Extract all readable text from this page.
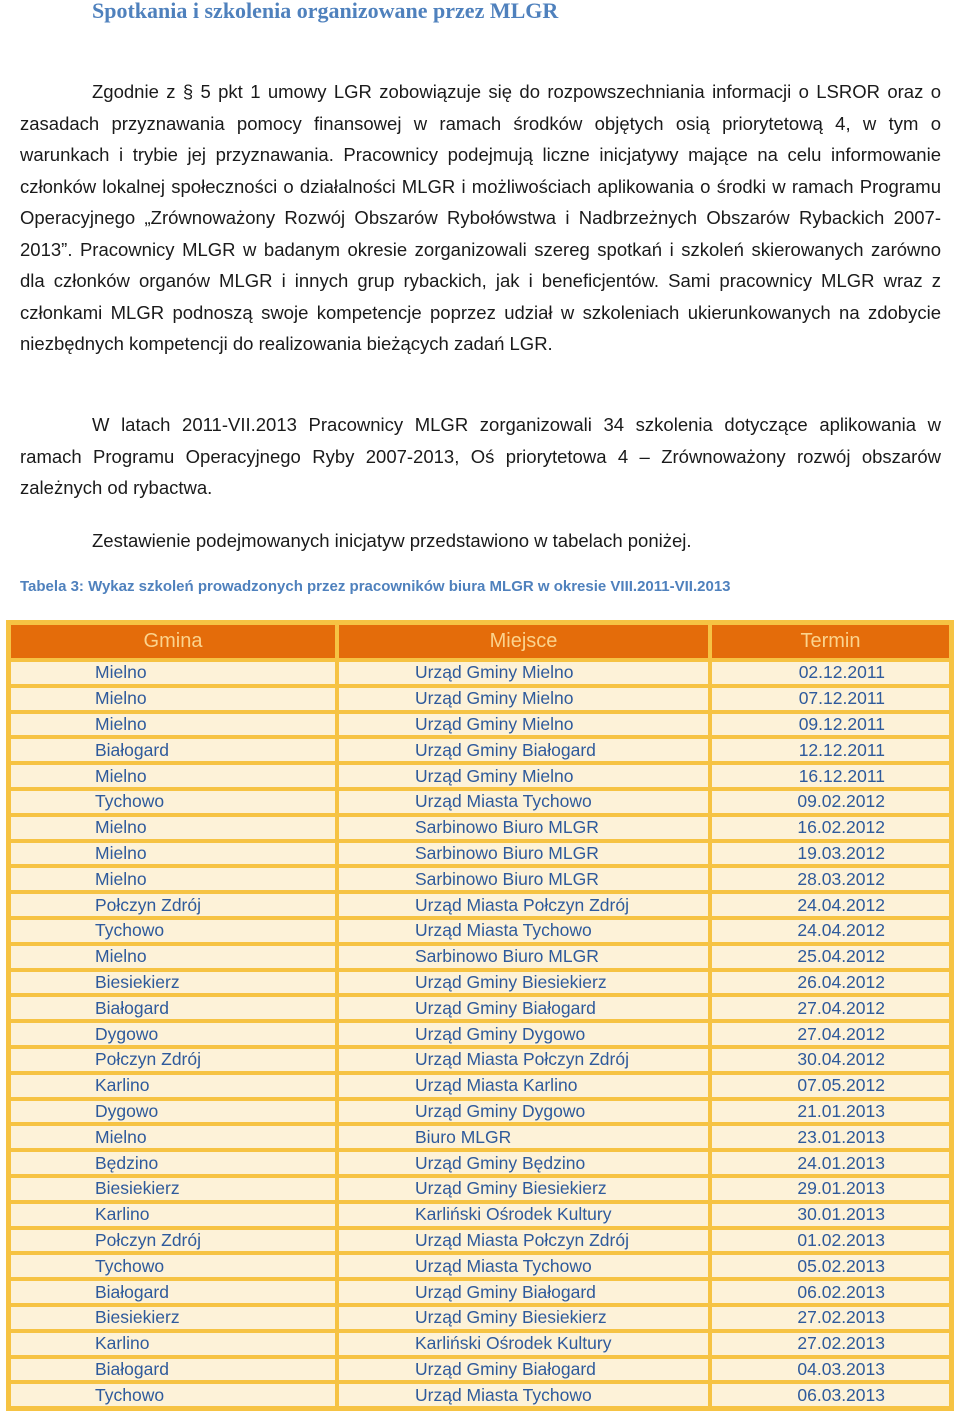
Spotkania i szkolenia organizowane przez MLGR

Zgodnie z § 5 pkt 1 umowy LGR zobowiązuje się do rozpowszechniania informacji o LSROR oraz o zasadach przyznawania pomocy finansowej w ramach środków objętych osią priorytetową 4, w tym o warunkach i trybie jej przyznawania. Pracownicy podejmują liczne inicjatywy mające na celu informowanie członków lokalnej społeczności o działalności MLGR i możliwościach aplikowania o środki w ramach Programu Operacyjnego „Zrównoważony Rozwój Obszarów Rybołówstwa i Nadbrzeżnych Obszarów Rybackich 2007-2013”. Pracownicy MLGR w badanym okresie zorganizowali szereg spotkań i szkoleń skierowanych zarówno dla członków organów MLGR i innych grup rybackich, jak i beneficjentów. Sami pracownicy MLGR wraz z członkami MLGR podnoszą swoje kompetencje poprzez udział w szkoleniach ukierunkowanych na zdobycie niezbędnych kompetencji do realizowania bieżących zadań LGR.

W latach 2011-VII.2013 Pracownicy MLGR zorganizowali 34 szkolenia dotyczące aplikowania w ramach Programu Operacyjnego Ryby 2007-2013, Oś priorytetowa 4 – Zrównoważony rozwój obszarów zależnych od rybactwa.

Zestawienie podejmowanych inicjatyw przedstawiono w tabelach poniżej.

Tabela 3: Wykaz szkoleń prowadzonych przez pracowników biura MLGR w okresie VIII.2011-VII.2013

Gmina	Miejsce	Termin
Mielno	Urząd Gminy Mielno	02.12.2011
Mielno	Urząd Gminy Mielno	07.12.2011
Mielno	Urząd Gminy Mielno	09.12.2011
Białogard	Urząd Gminy Białogard	12.12.2011
Mielno	Urząd Gminy Mielno	16.12.2011
Tychowo	Urząd Miasta Tychowo	09.02.2012
Mielno	Sarbinowo Biuro MLGR	16.02.2012
Mielno	Sarbinowo Biuro MLGR	19.03.2012
Mielno	Sarbinowo Biuro MLGR	28.03.2012
Połczyn Zdrój	Urząd Miasta Połczyn Zdrój	24.04.2012
Tychowo	Urząd Miasta Tychowo	24.04.2012
Mielno	Sarbinowo Biuro MLGR	25.04.2012
Biesiekierz	Urząd Gminy Biesiekierz	26.04.2012
Białogard	Urząd Gminy Białogard	27.04.2012
Dygowo	Urząd Gminy Dygowo	27.04.2012
Połczyn Zdrój	Urząd Miasta Połczyn Zdrój	30.04.2012
Karlino	Urząd Miasta Karlino	07.05.2012
Dygowo	Urząd Gminy Dygowo	21.01.2013
Mielno	Biuro MLGR	23.01.2013
Będzino	Urząd Gminy Będzino	24.01.2013
Biesiekierz	Urząd Gminy Biesiekierz	29.01.2013
Karlino	Karliński Ośrodek Kultury	30.01.2013
Połczyn Zdrój	Urząd Miasta Połczyn Zdrój	01.02.2013
Tychowo	Urząd Miasta Tychowo	05.02.2013
Białogard	Urząd Gminy Białogard	06.02.2013
Biesiekierz	Urząd Gminy Biesiekierz	27.02.2013
Karlino	Karliński Ośrodek Kultury	27.02.2013
Białogard	Urząd Gminy Białogard	04.03.2013
Tychowo	Urząd Miasta Tychowo	06.03.2013
